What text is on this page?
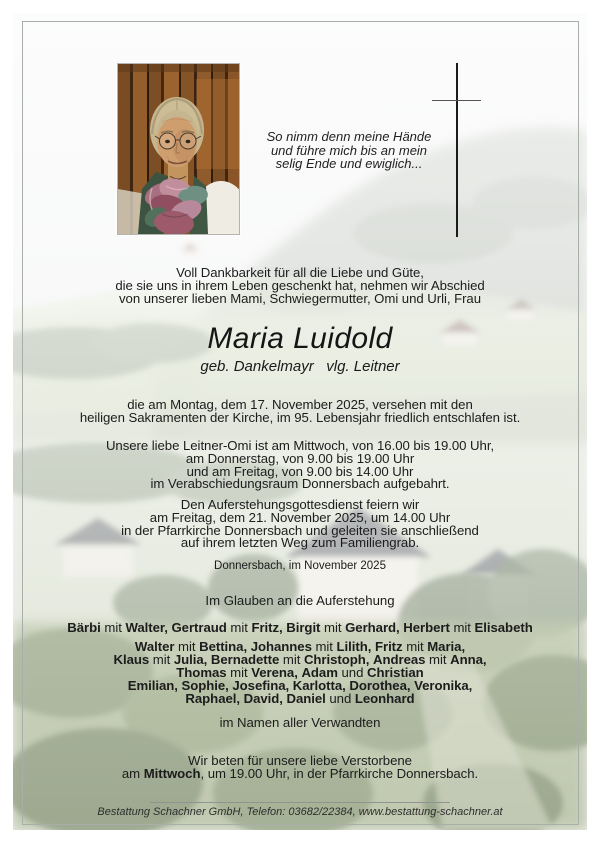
So nimm denn meine Hände
und führe mich bis an mein
selig Ende und ewiglich...
Voll Dankbarkeit für all die Liebe und Güte,
die sie uns in ihrem Leben geschenkt hat, nehmen wir Abschied
von unserer lieben Mami, Schwiegermutter, Omi und Urli, Frau
Maria Luidold
geb. Dankelmayr   vlg. Leitner
die am Montag, dem 17. November 2025, versehen mit den
heiligen Sakramenten der Kirche, im 95. Lebensjahr friedlich entschlafen ist.
Unsere liebe Leitner-Omi ist am Mittwoch, von 16.00 bis 19.00 Uhr,
am Donnerstag, von 9.00 bis 19.00 Uhr
und am Freitag, von 9.00 bis 14.00 Uhr
im Verabschiedungsraum Donnersbach aufgebahrt.
Den Auferstehungsgottesdienst feiern wir
am Freitag, dem 21. November 2025, um 14.00 Uhr
in der Pfarrkirche Donnersbach und geleiten sie anschließend
auf ihrem letzten Weg zum Familiengrab.
Donnersbach, im November 2025
Im Glauben an die Auferstehung
Bärbi mit Walter, Gertraud mit Fritz, Birgit mit Gerhard, Herbert mit Elisabeth
Walter mit Bettina, Johannes mit Lilith, Fritz mit Maria,
Klaus mit Julia, Bernadette mit Christoph, Andreas mit Anna,
Thomas mit Verena, Adam und Christian
Emilian, Sophie, Josefina, Karlotta, Dorothea, Veronika,
Raphael, David, Daniel und Leonhard
im Namen aller Verwandten
Wir beten für unsere liebe Verstorbene
am Mittwoch, um 19.00 Uhr, in der Pfarrkirche Donnersbach.
Bestattung Schachner GmbH, Telefon: 03682/22384, www.bestattung-schachner.at
